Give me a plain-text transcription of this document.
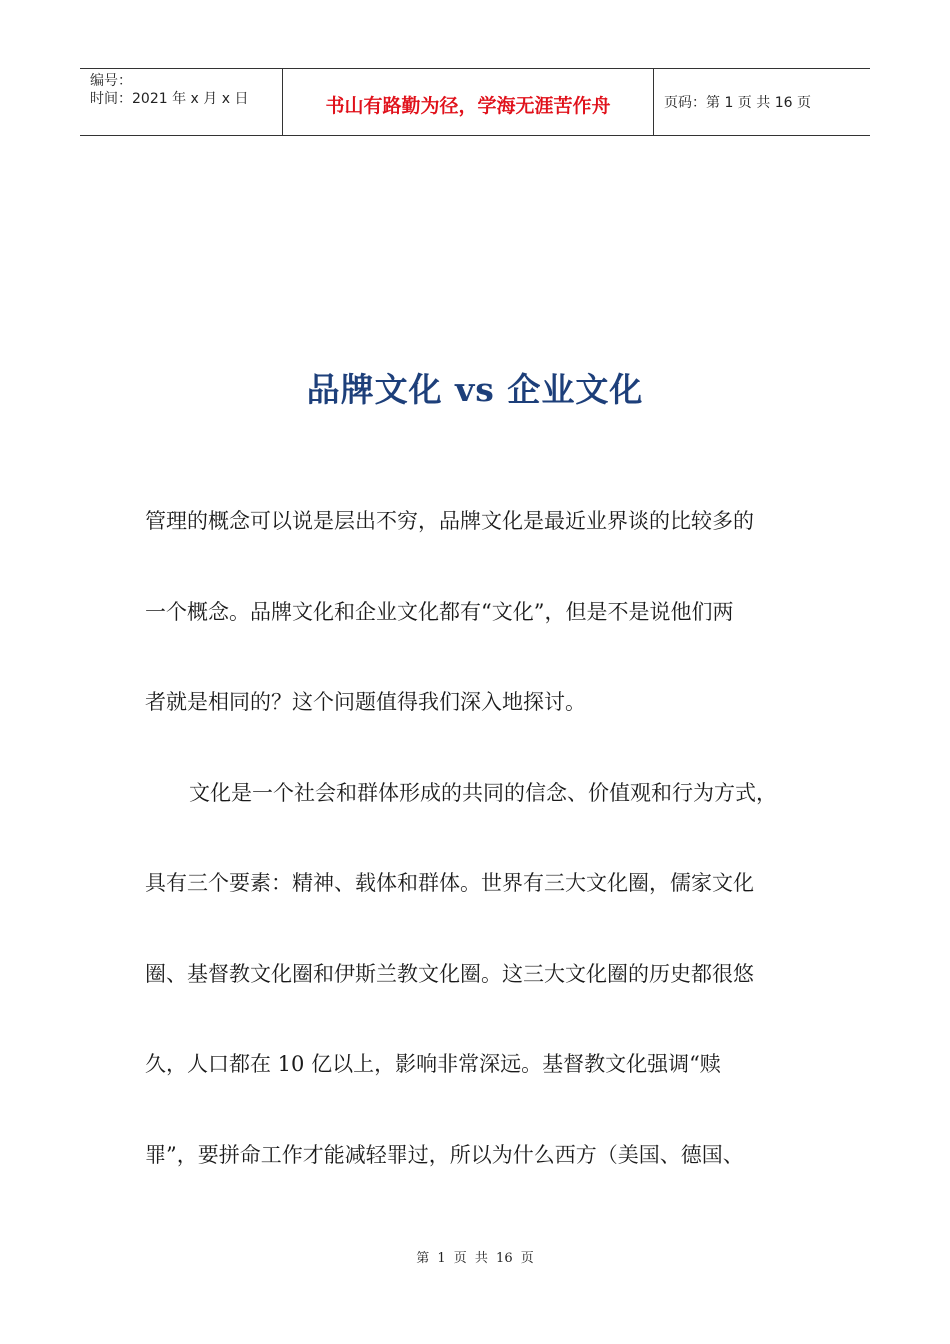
编号：
时间：2021 年 x 月 x 日	书山有路勤为径，学海无涯苦作舟	页码：第 1 页 共 16 页
品牌文化 vs 企业文化
管理的概念可以说是层出不穷，品牌文化是最近业界谈的比较多的
一个概念。品牌文化和企业文化都有“文化”，但是不是说他们两
者就是相同的？这个问题值得我们深入地探讨。
文化是一个社会和群体形成的共同的信念、价值观和行为方式，
具有三个要素：精神、载体和群体。世界有三大文化圈，儒家文化
圈、基督教文化圈和伊斯兰教文化圈。这三大文化圈的历史都很悠
久，人口都在 10 亿以上，影响非常深远。基督教文化强调“赎
罪”，要拼命工作才能减轻罪过，所以为什么西方（美国、德国、
第 1 页 共 16 页
